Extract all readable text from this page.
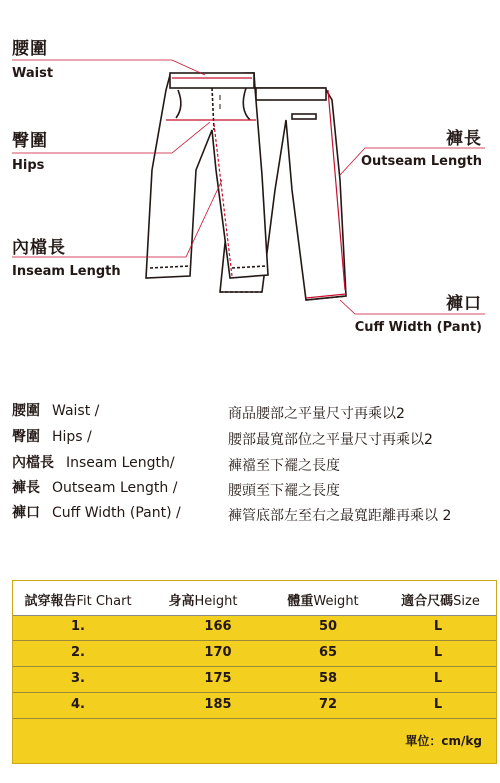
腰圍
Waist
臀圍
Hips
內檔長
Inseam Length
褲長
Outseam Length
褲口
Cuff Width (Pant)
腰圍 Waist /	商品腰部之平量尺寸再乘以2
臀圍 Hips /	腰部最寬部位之平量尺寸再乘以2
內檔長 Inseam Length/	褲襠至下襬之長度
褲長 Outseam Length /	腰頭至下襬之長度
褲口 Cuff Width (Pant) /	褲管底部左至右之最寬距離再乘以 2
試穿報告Fit Chart	身高Height	體重Weight	適合尺碼Size
1.	166	50	L
2.	170	65	L
3.	175	58	L
4.	185	72	L
單位：cm/kg
